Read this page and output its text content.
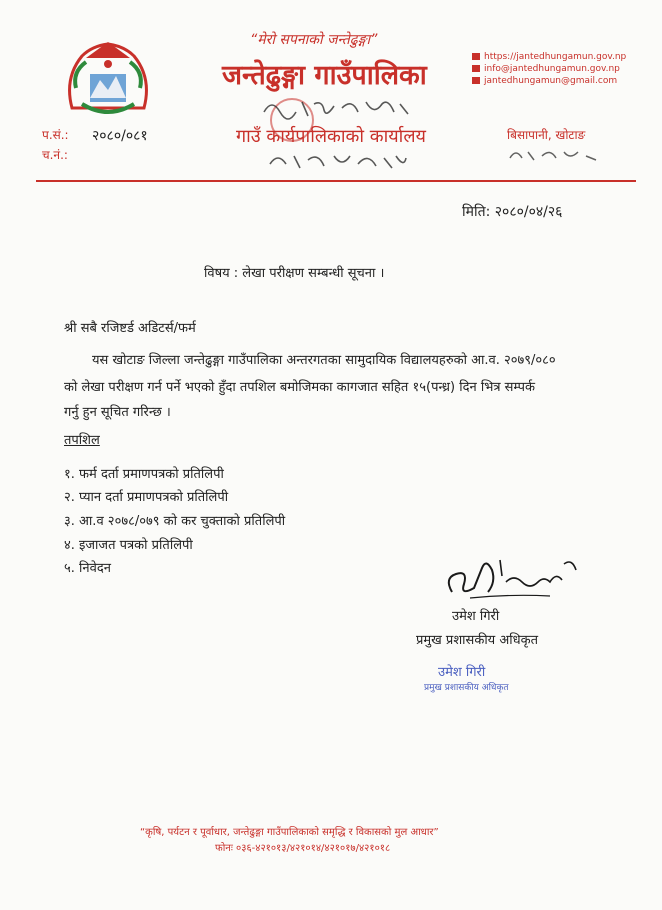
“मेरो सपनाको जन्तेढुङ्गा”
जन्तेढुङ्गा गाउँपालिका
गाउँ कार्यपालिकाको कार्यालय
https://jantedhungamun.gov.np
info@jantedhungamun.gov.np
jantedhungamun@gmail.com
प.सं.: २०८०/०८१
च.नं.:
बिसापानी, खोटाङ
मिति: २०८०/०४/२६
विषय : लेखा परीक्षण सम्बन्धी सूचना ।
श्री सबै रजिष्टर्ड अडिटर्स/फर्म
यस खोटाङ जिल्ला जन्तेढुङ्गा गाउँपालिका अन्तरगतका सामुदायिक विद्यालयहरुको आ.व. २०७९/०८०
को लेखा परीक्षण गर्न पर्ने भएको हुँदा तपशिल बमोजिमका कागजात सहित १५(पन्ध्र) दिन भित्र सम्पर्क
गर्नु हुन सूचित गरिन्छ ।
तपशिल
१. फर्म दर्ता प्रमाणपत्रको प्रतिलिपी
२. प्यान दर्ता प्रमाणपत्रको प्रतिलिपी
३. आ.व २०७८/०७९ को कर चुक्ताको प्रतिलिपी
४. इजाजत पत्रको प्रतिलिपी
५. निवेदन
उमेश गिरी
प्रमुख प्रशासकीय अधिकृत
उमेश गिरी
प्रमुख प्रशासकीय अधिकृत
“कृषि, पर्यटन र पूर्वाधार, जन्तेढुङ्गा गाउँपालिकाको समृद्धि र विकासको मुल आधार”
फोनः ०३६-४२१०१३/४२१०१४/४२१०१७/४२१०१८
